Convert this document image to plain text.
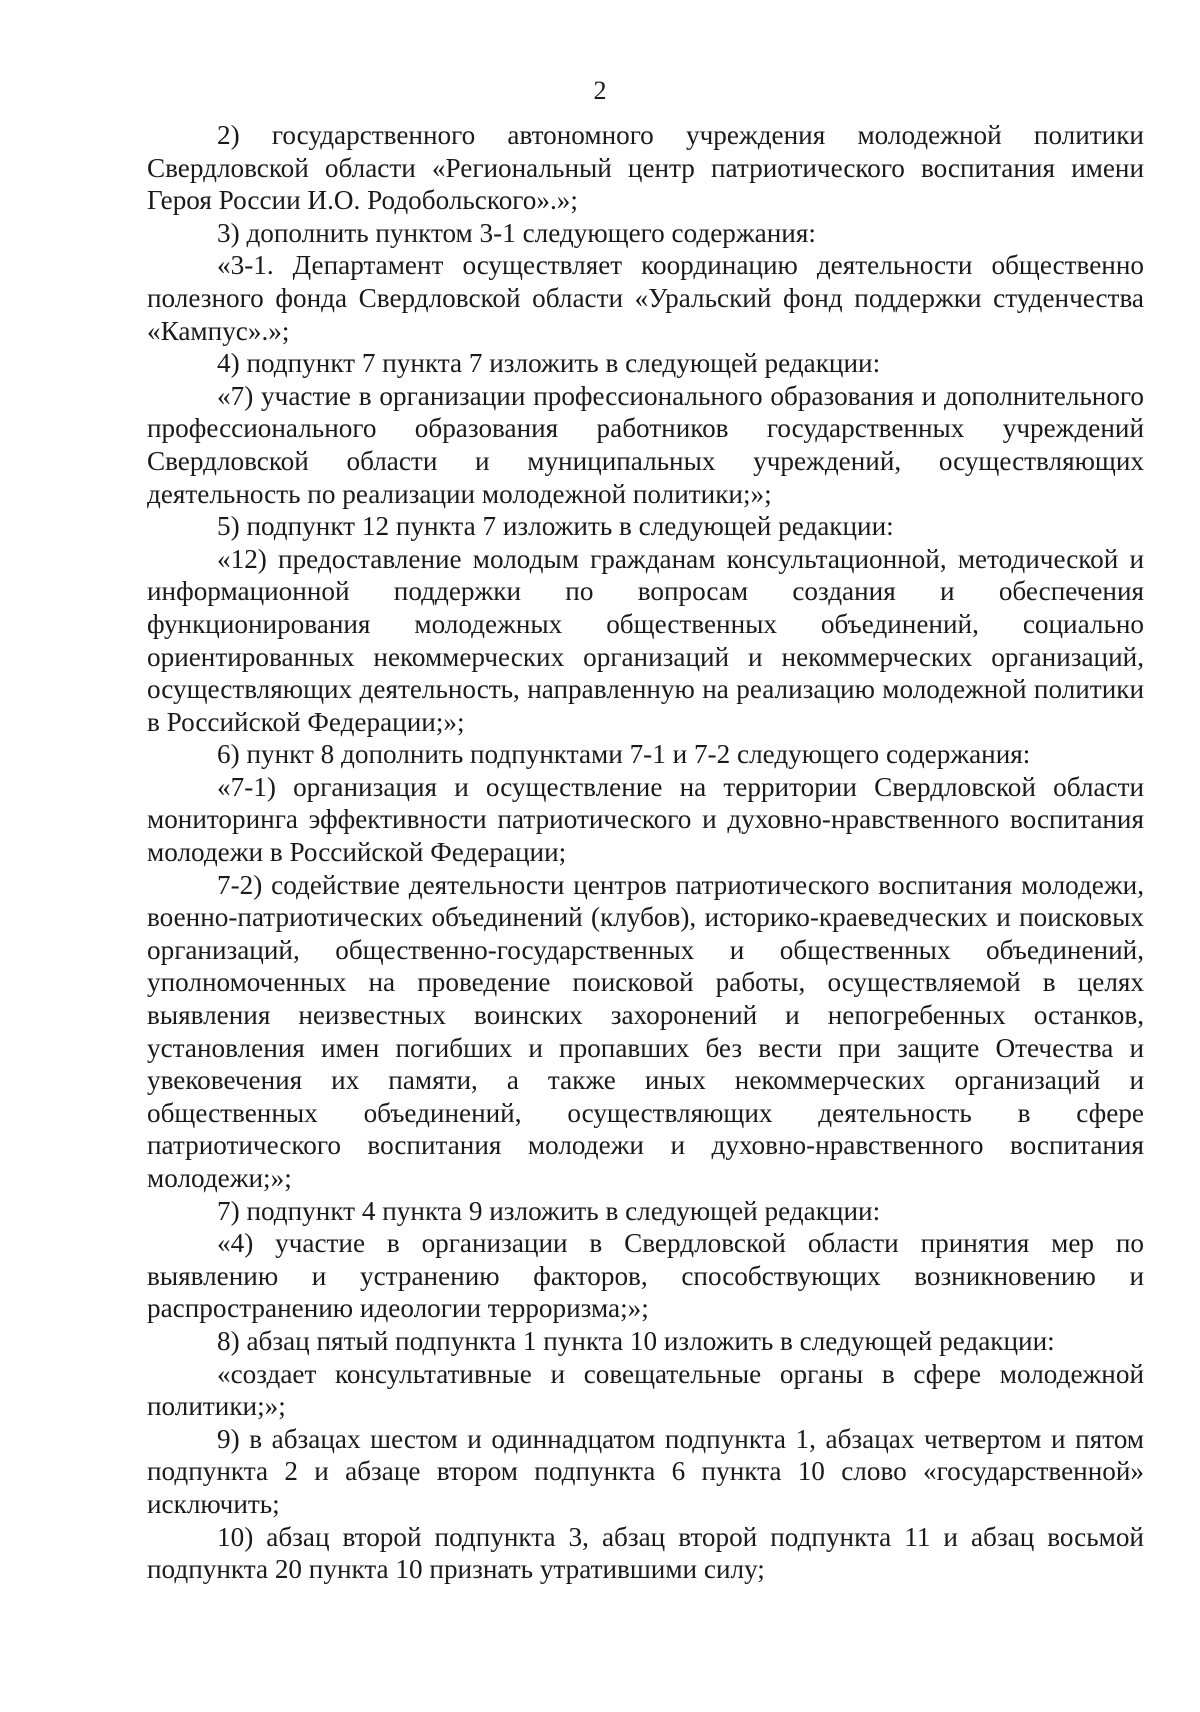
2

2) государственного автономного учреждения молодежной политики Свердловской области «Региональный центр патриотического воспитания имени Героя России И.О. Родобольского».»;

3) дополнить пунктом 3-1 следующего содержания:

«3-1. Департамент осуществляет координацию деятельности общественно полезного фонда Свердловской области «Уральский фонд поддержки студенчества «Кампус».»;

4) подпункт 7 пункта 7 изложить в следующей редакции:

«7) участие в организации профессионального образования и дополнительного профессионального образования работников государственных учреждений Свердловской области и муниципальных учреждений, осуществляющих деятельность по реализации молодежной политики;»;

5) подпункт 12 пункта 7 изложить в следующей редакции:

«12) предоставление молодым гражданам консультационной, методической и информационной поддержки по вопросам создания и обеспечения функционирования молодежных общественных объединений, социально ориентированных некоммерческих организаций и некоммерческих организаций, осуществляющих деятельность, направленную на реализацию молодежной политики в Российской Федерации;»;

6) пункт 8 дополнить подпунктами 7-1 и 7-2 следующего содержания:

«7-1) организация и осуществление на территории Свердловской области мониторинга эффективности патриотического и духовно-нравственного воспитания молодежи в Российской Федерации;

7-2) содействие деятельности центров патриотического воспитания молодежи, военно-патриотических объединений (клубов), историко-краеведческих и поисковых организаций, общественно-государственных и общественных объединений, уполномоченных на проведение поисковой работы, осуществляемой в целях выявления неизвестных воинских захоронений и непогребенных останков, установления имен погибших и пропавших без вести при защите Отечества и увековечения их памяти, а также иных некоммерческих организаций и общественных объединений, осуществляющих деятельность в сфере патриотического воспитания молодежи и духовно-нравственного воспитания молодежи;»;

7) подпункт 4 пункта 9 изложить в следующей редакции:

«4) участие в организации в Свердловской области принятия мер по выявлению и устранению факторов, способствующих возникновению и распространению идеологии терроризма;»;

8) абзац пятый подпункта 1 пункта 10 изложить в следующей редакции:

«создает консультативные и совещательные органы в сфере молодежной политики;»;

9) в абзацах шестом и одиннадцатом подпункта 1, абзацах четвертом и пятом подпункта 2 и абзаце втором подпункта 6 пункта 10 слово «государственной» исключить;

10) абзац второй подпункта 3, абзац второй подпункта 11 и абзац восьмой подпункта 20 пункта 10 признать утратившими силу;
